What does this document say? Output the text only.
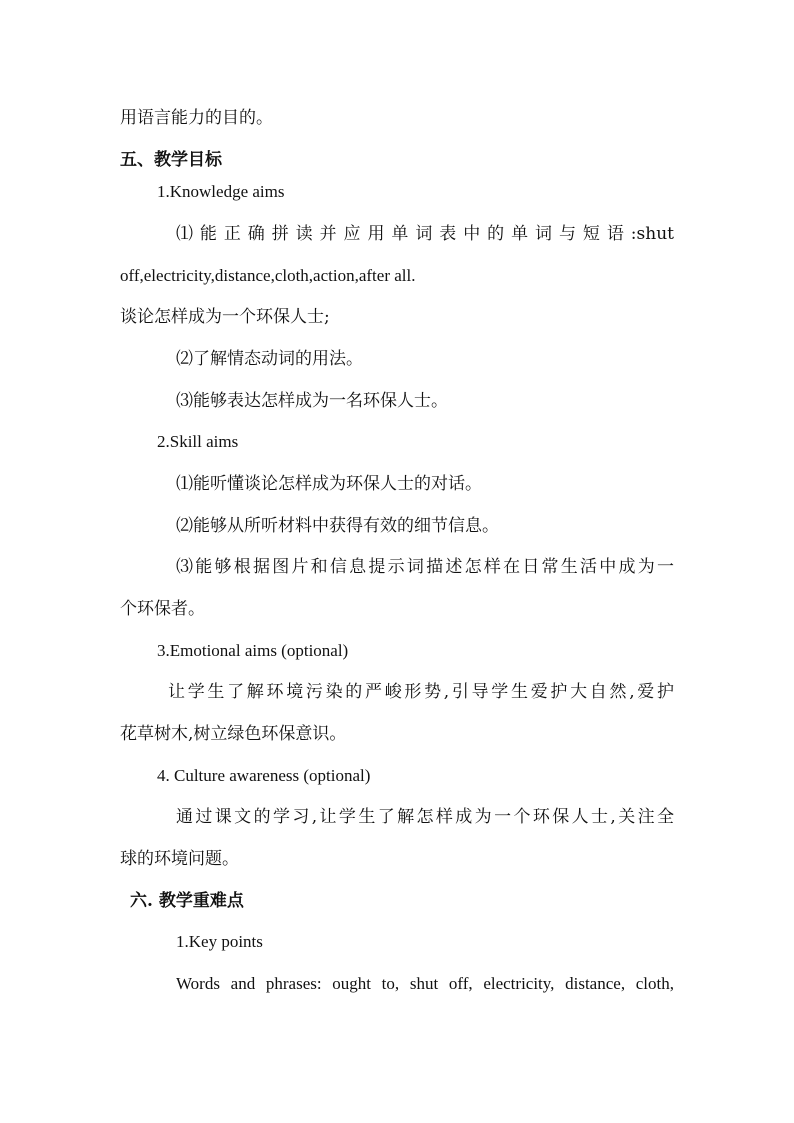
用语言能力的目的。
五、教学目标
1.Knowledge aims
⑴ 能 正 确 拼 读 并 应 用 单 词 表 中 的 单 词 与 短 语 :shut
off,electricity,distance,cloth,action,after all.
谈论怎样成为一个环保人士;
⑵了解情态动词的用法。
⑶能够表达怎样成为一名环保人士。
2.Skill aims
⑴能听懂谈论怎样成为环保人士的对话。
⑵能够从所听材料中获得有效的细节信息。
⑶能够根据图片和信息提示词描述怎样在日常生活中成为一
个环保者。
3.Emotional aims (optional)
让学生了解环境污染的严峻形势,引导学生爱护大自然,爱护
花草树木,树立绿色环保意识。
4. Culture awareness (optional)
通过课文的学习,让学生了解怎样成为一个环保人士,关注全
球的环境问题。
六. 教学重难点
1.Key points
Words and phrases: ought to, shut off, electricity, distance, cloth,
